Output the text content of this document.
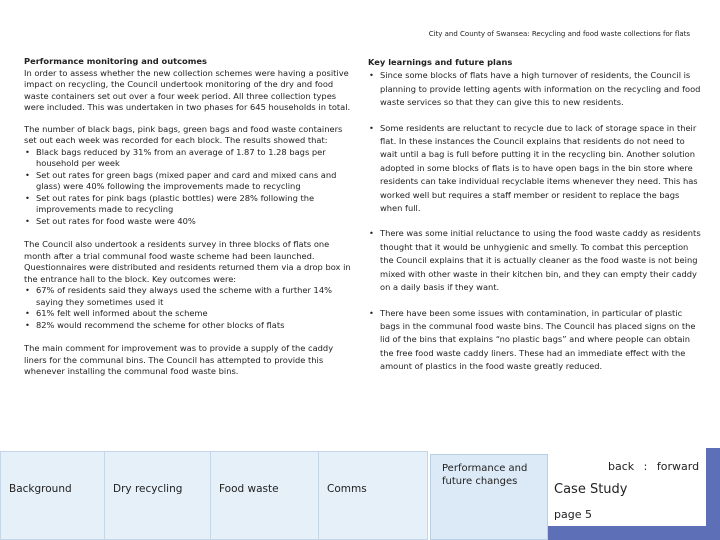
City and County of Swansea: Recycling and food waste collections for flats

Performance monitoring and outcomes

In order to assess whether the new collection schemes were having a positive impact on recycling, the Council undertook monitoring of the dry and food waste containers set out over a four week period. All three collection types were included. This was undertaken in two phases for 645 households in total.

The number of black bags, pink bags, green bags and food waste containers set out each week was recorded for each block. The results showed that:

• Black bags reduced by 31% from an average of 1.87 to 1.28 bags per household per week
• Set out rates for green bags (mixed paper and card and mixed cans and glass) were 40% following the improvements made to recycling
• Set out rates for pink bags (plastic bottles) were 28% following the improvements made to recycling
• Set out rates for food waste were 40%

The Council also undertook a residents survey in three blocks of flats one month after a trial communal food waste scheme had been launched. Questionnaires were distributed and residents returned them via a drop box in the entrance hall to the block. Key outcomes were:

• 67% of residents said they always used the scheme with a further 14% saying they sometimes used it
• 61% felt well informed about the scheme
• 82% would recommend the scheme for other blocks of flats

The main comment for improvement was to provide a supply of the caddy liners for the communal bins. The Council has attempted to provide this whenever installing the communal food waste bins.

Key learnings and future plans

• Since some blocks of flats have a high turnover of residents, the Council is planning to provide letting agents with information on the recycling and food waste services so that they can give this to new residents.
• Some residents are reluctant to recycle due to lack of storage space in their flat. In these instances the Council explains that residents do not need to wait until a bag is full before putting it in the recycling bin. Another solution adopted in some blocks of flats is to have open bags in the bin store where residents can take individual recyclable items whenever they need. This has worked well but requires a staff member or resident to replace the bags when full.
• There was some initial reluctance to using the food waste caddy as residents thought that it would be unhygienic and smelly. To combat this perception the Council explains that it is actually cleaner as the food waste is not being mixed with other waste in their kitchen bin, and they can empty their caddy on a daily basis if they want.
• There have been some issues with contamination, in particular of plastic bags in the communal food waste bins. The Council has placed signs on the lid of the bins that explains “no plastic bags” and where people can obtain the free food waste caddy liners. These had an immediate effect with the amount of plastics in the food waste greatly reduced.
Background	Dry recycling	Food waste	Comms
Performance and future changes
back : forward
Case Study
page 5
